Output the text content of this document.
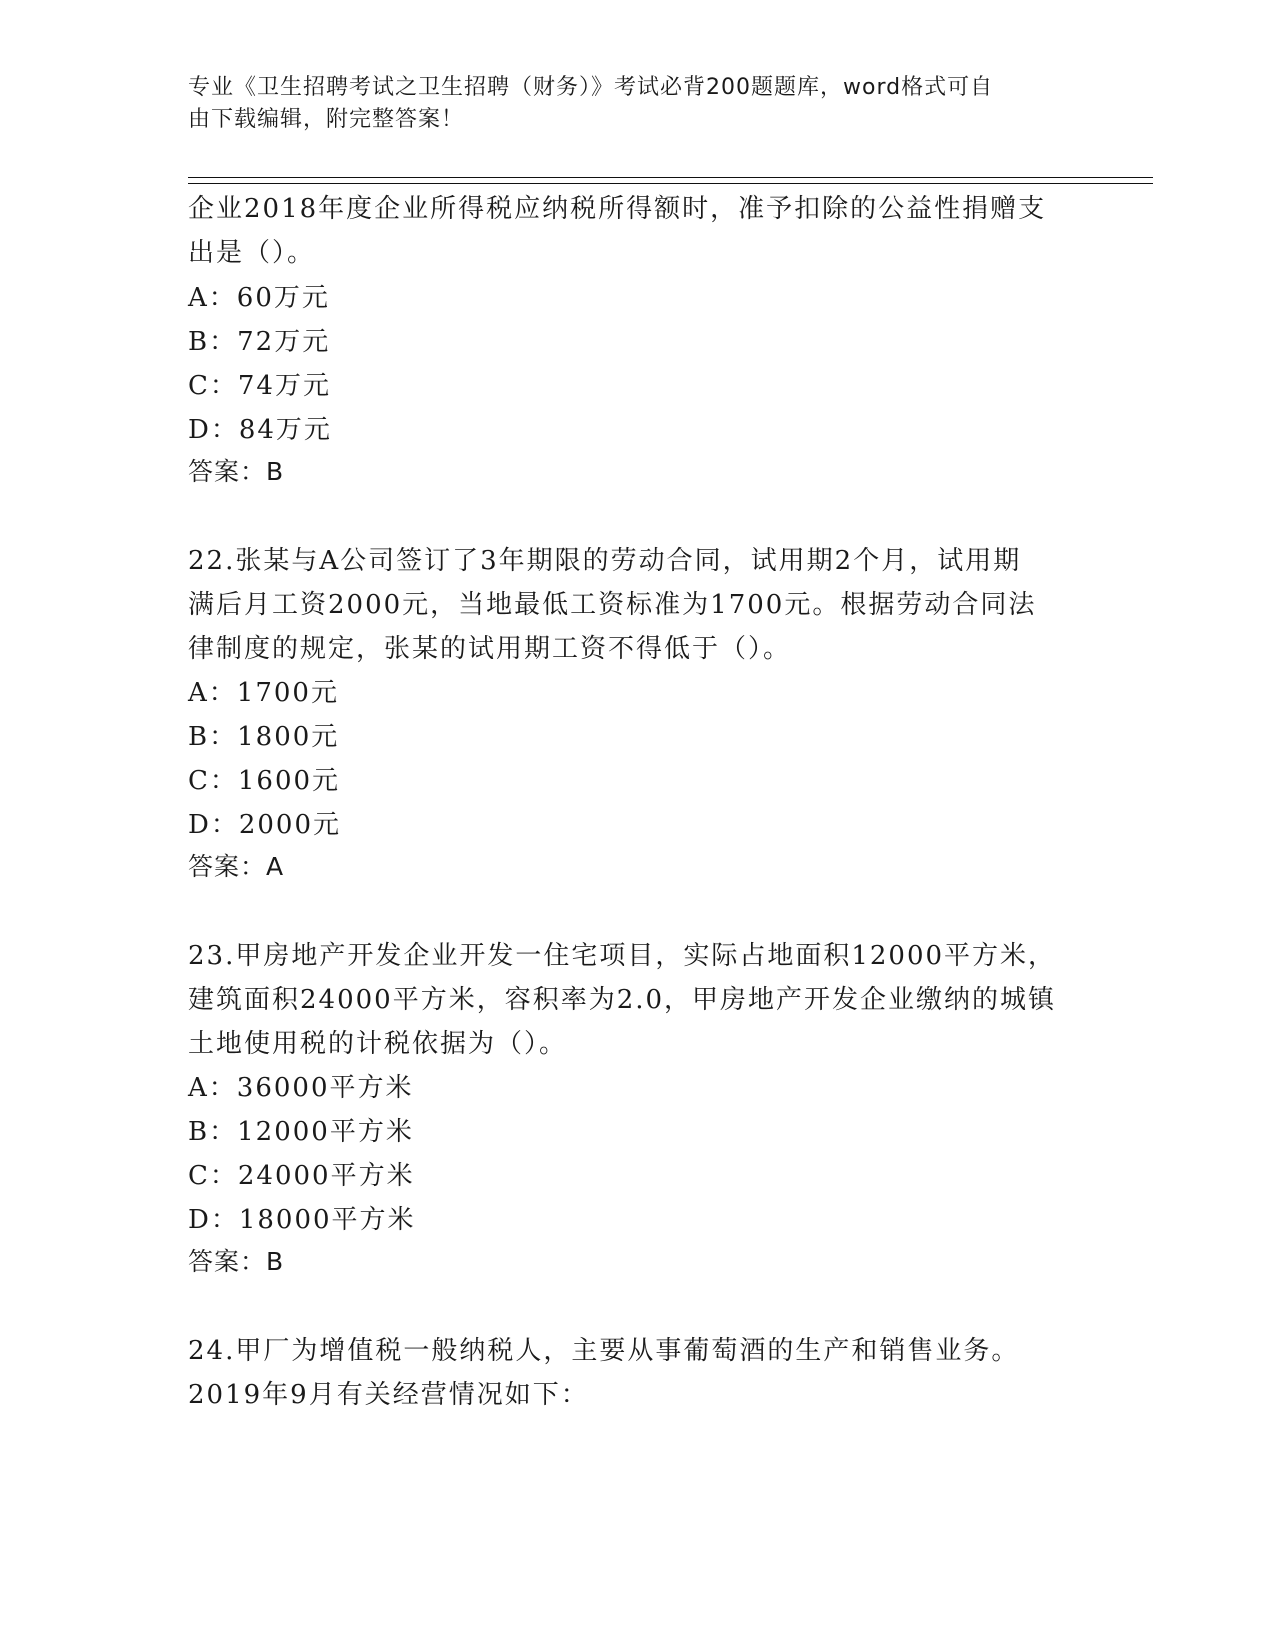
专业《卫生招聘考试之卫生招聘（财务）》考试必背200题题库，word格式可自
由下载编辑，附完整答案！
企业2018年度企业所得税应纳税所得额时，准予扣除的公益性捐赠支
出是（）。
A：60万元
B：72万元
C：74万元
D：84万元
答案：B
22.张某与A公司签订了3年期限的劳动合同，试用期2个月，试用期
满后月工资2000元，当地最低工资标准为1700元。根据劳动合同法
律制度的规定，张某的试用期工资不得低于（）。
A：1700元
B：1800元
C：1600元
D：2000元
答案：A
23.甲房地产开发企业开发一住宅项目，实际占地面积12000平方米，
建筑面积24000平方米，容积率为2.0，甲房地产开发企业缴纳的城镇
土地使用税的计税依据为（）。
A：36000平方米
B：12000平方米
C：24000平方米
D：18000平方米
答案：B
24.甲厂为增值税一般纳税人，主要从事葡萄酒的生产和销售业务。
2019年9月有关经营情况如下：
